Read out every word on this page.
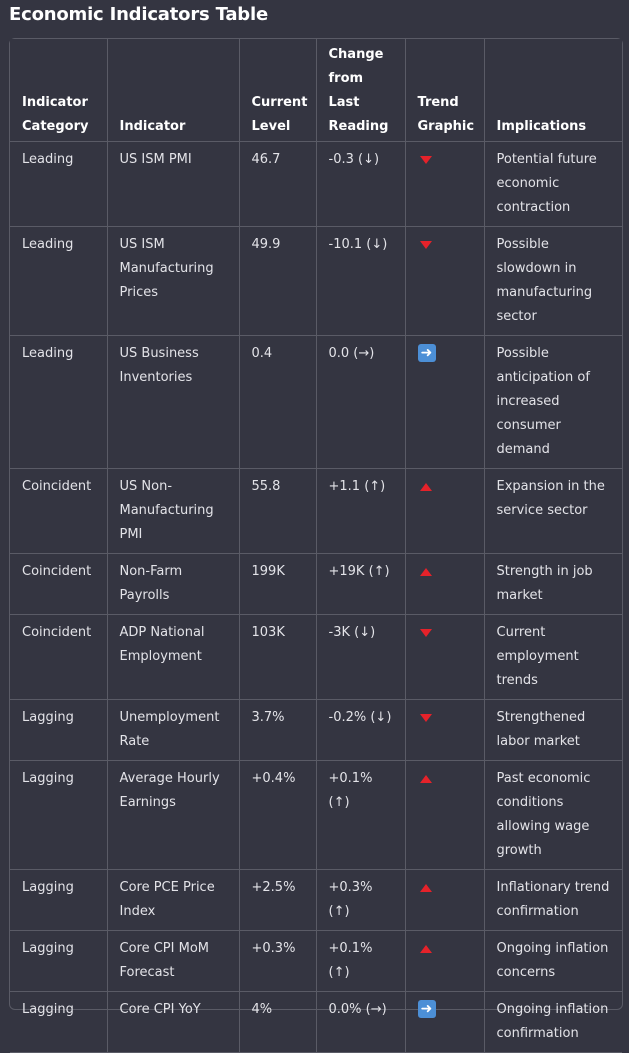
Economic Indicators Table
Indicator Category	Indicator	Current Level	Change from Last Reading	Trend Graphic	Implications
Leading	US ISM PMI	46.7	-0.3 (↓)		Potential future economic contraction
Leading	US ISM Manufacturing Prices	49.9	-10.1 (↓)		Possible slowdown in manufacturing sector
Leading	US Business Inventories	0.4	0.0 (→)	➜	Possible anticipation of increased consumer demand
Coincident	US Non-Manufacturing PMI	55.8	+1.1 (↑)		Expansion in the service sector
Coincident	Non-Farm Payrolls	199K	+19K (↑)		Strength in job market
Coincident	ADP National Employment	103K	-3K (↓)		Current employment trends
Lagging	Unemployment Rate	3.7%	-0.2% (↓)		Strengthened labor market
Lagging	Average Hourly Earnings	+0.4%	+0.1% (↑)		Past economic conditions allowing wage growth
Lagging	Core PCE Price Index	+2.5%	+0.3% (↑)		Inflationary trend confirmation
Lagging	Core CPI MoM Forecast	+0.3%	+0.1% (↑)		Ongoing inflation concerns
Lagging	Core CPI YoY	4%	0.0% (→)	➜	Ongoing inflation confirmation
